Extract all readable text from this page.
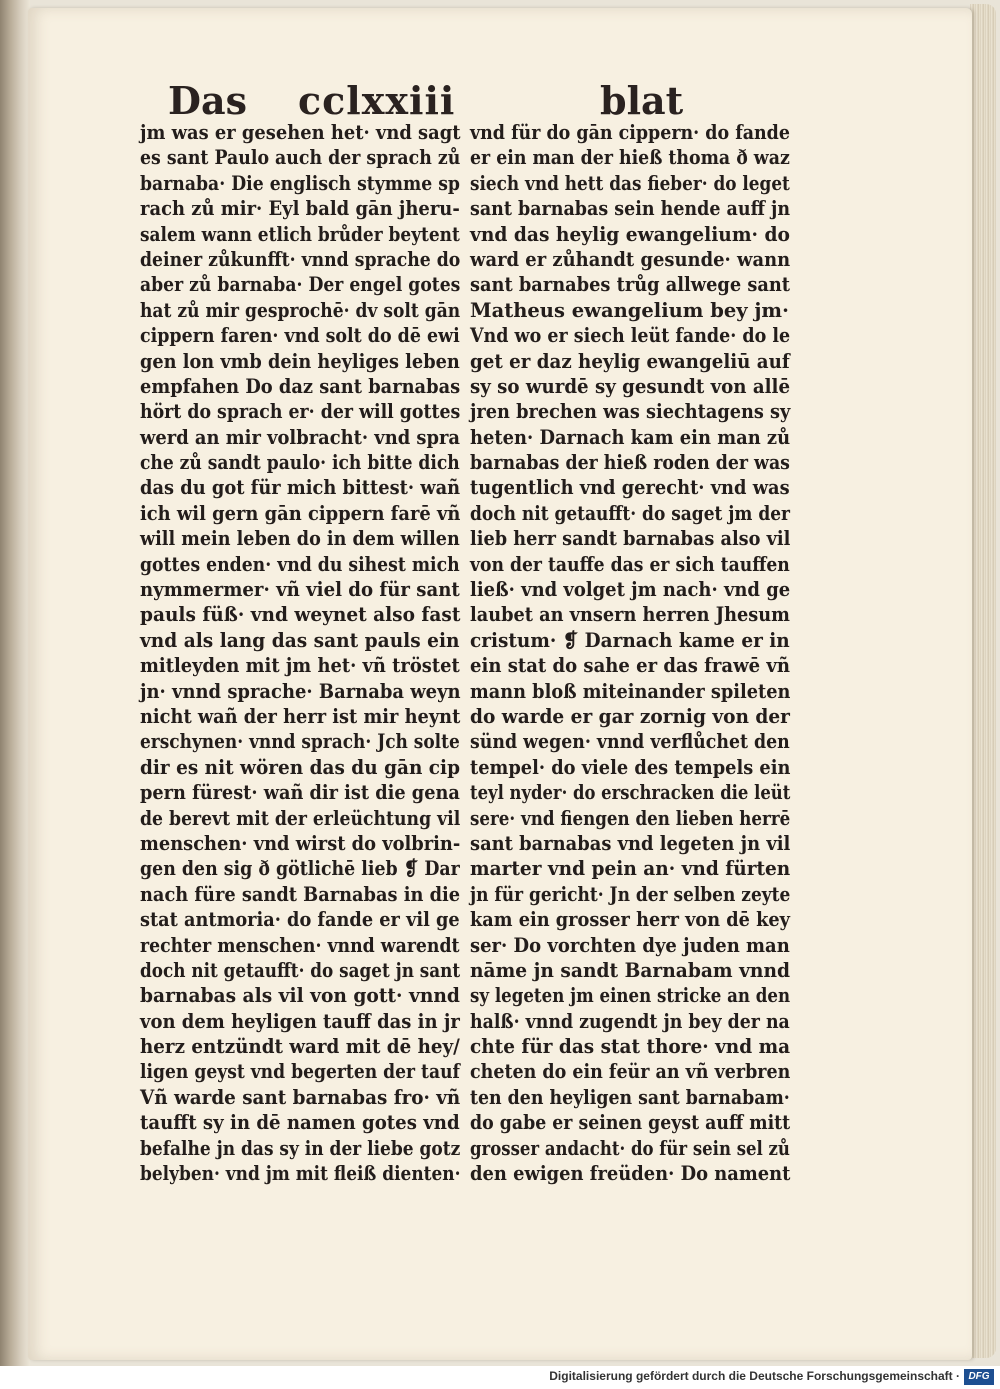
Das cclxxiii	blat
jm was er gesehen het· vnd sagt
es sant Paulo auch der sprach zů
barnaba· Die englisch stymme sp
rach zů mir· Eyl bald gān jheru-
salem wann etlich brůder beytent
deiner zůkunfft· vnnd sprache do
aber zů barnaba· Der engel gotes
hat zů mir gesprochē· dv solt gān
cippern faren· vnd solt do dē ewi
gen lon vmb dein heyliges leben
empfahen Do daz sant barnabas
hört do sprach er· der will gottes
werd an mir volbracht· vnd spra
che zů sandt paulo· ich bitte dich
das du got für mich bittest· wañ
ich wil gern gān cippern farē vñ
will mein leben do in dem willen
gottes enden· vnd du sihest mich
nymmermer· vñ viel do für sant
pauls füß· vnd weynet also fast
vnd als lang das sant pauls ein
mitleyden mit jm het· vñ tröstet
jn· vnnd sprache· Barnaba weyn
nicht wañ der herr ist mir heynt
erschynen· vnnd sprach· Jch solte
dir es nit wören das du gān cip
pern fürest· wañ dir ist die gena
de berevt mit der erleüchtung vil
menschen· vnd wirst do volbrin-
gen den sig ð götlichē lieb ❡ Dar
nach füre sandt Barnabas in die
stat antmoria· do fande er vil ge
rechter menschen· vnnd warendt
doch nit getaufft· do saget jn sant
barnabas als vil von gott· vnnd
von dem heyligen tauff das in jr
herz entzündt ward mit dē hey/
ligen geyst vnd begerten der tauf
Vñ warde sant barnabas fro· vñ
taufft sy in dē namen gotes vnd
befalhe jn das sy in der liebe gotz
belyben· vnd jm mit fleiß dienten·
vnd für do gān cippern· do fande
er ein man der hieß thoma ð waz
siech vnd hett das fieber· do leget
sant barnabas sein hende auff jn
vnd das heylig ewangelium· do
ward er zůhandt gesunde· wann
sant barnabes trůg allwege sant
Matheus ewangelium bey jm·
Vnd wo er siech leüt fande· do le
get er daz heylig ewangeliū auf
sy so wurdē sy gesundt von allē
jren brechen was siechtagens sy
heten· Darnach kam ein man zů
barnabas der hieß roden der was
tugentlich vnd gerecht· vnd was
doch nit getaufft· do saget jm der
lieb herr sandt barnabas also vil
von der tauffe das er sich tauffen
ließ· vnd volget jm nach· vnd ge
laubet an vnsern herren Jhesum
cristum· ❡ Darnach kame er in
ein stat do sahe er das frawē vñ
mann bloß miteinander spileten
do warde er gar zornig von der
sünd wegen· vnnd verflůchet den
tempel· do viele des tempels ein
teyl nyder· do erschracken die leüt
sere· vnd fiengen den lieben herrē
sant barnabas vnd legeten jn vil
marter vnd pein an· vnd fürten
jn für gericht· Jn der selben zeyte
kam ein grosser herr von dē key
ser· Do vorchten dye juden man
nāme jn sandt Barnabam vnnd
sy legeten jm einen stricke an den
halß· vnnd zugendt jn bey der na
chte für das stat thore· vnd ma
cheten do ein feür an vñ verbren
ten den heyligen sant barnabam·
do gabe er seinen geyst auff mitt
grosser andacht· do für sein sel zů
den ewigen freüden· Do nament
Digitalisierung gefördert durch die Deutsche Forschungsgemeinschaft · DFG
